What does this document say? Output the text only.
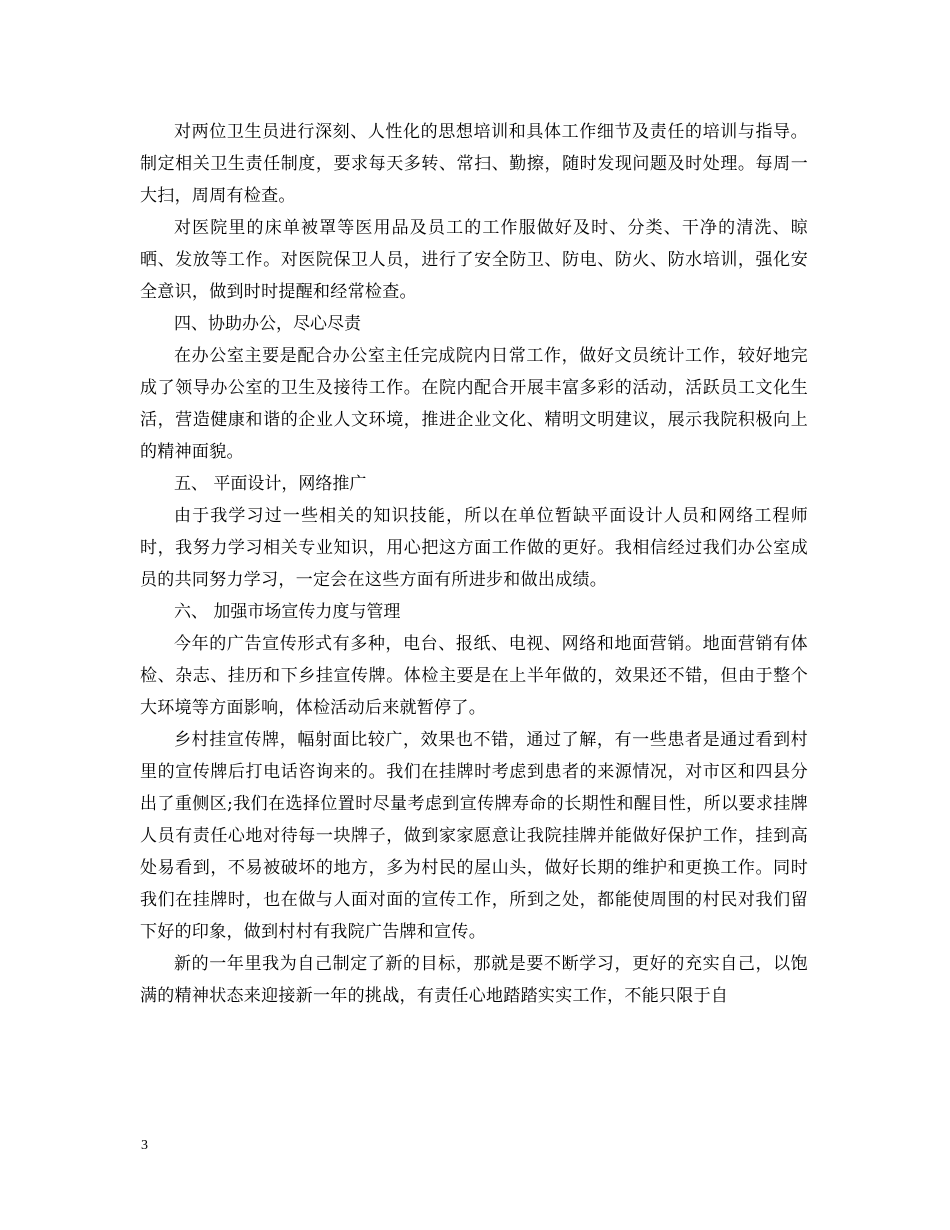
对两位卫生员进行深刻、人性化的思想培训和具体工作细节及责任的培训与指导。制定相关卫生责任制度，要求每天多转、常扫、勤擦，随时发现问题及时处理。每周一大扫，周周有检查。

对医院里的床单被罩等医用品及员工的工作服做好及时、分类、干净的清洗、晾晒、发放等工作。对医院保卫人员，进行了安全防卫、防电、防火、防水培训，强化安全意识，做到时时提醒和经常检查。

四、协助办公，尽心尽责

在办公室主要是配合办公室主任完成院内日常工作，做好文员统计工作，较好地完成了领导办公室的卫生及接待工作。在院内配合开展丰富多彩的活动，活跃员工文化生活，营造健康和谐的企业人文环境，推进企业文化、精明文明建议，展示我院积极向上的精神面貌。

五、 平面设计，网络推广

由于我学习过一些相关的知识技能，所以在单位暂缺平面设计人员和网络工程师时，我努力学习相关专业知识，用心把这方面工作做的更好。我相信经过我们办公室成员的共同努力学习，一定会在这些方面有所进步和做出成绩。

六、 加强市场宣传力度与管理

今年的广告宣传形式有多种，电台、报纸、电视、网络和地面营销。地面营销有体检、杂志、挂历和下乡挂宣传牌。体检主要是在上半年做的，效果还不错，但由于整个大环境等方面影响，体检活动后来就暂停了。

乡村挂宣传牌，幅射面比较广，效果也不错，通过了解，有一些患者是通过看到村里的宣传牌后打电话咨询来的。我们在挂牌时考虑到患者的来源情况，对市区和四县分出了重侧区;我们在选择位置时尽量考虑到宣传牌寿命的长期性和醒目性，所以要求挂牌人员有责任心地对待每一块牌子，做到家家愿意让我院挂牌并能做好保护工作，挂到高处易看到，不易被破坏的地方，多为村民的屋山头，做好长期的维护和更换工作。同时我们在挂牌时，也在做与人面对面的宣传工作，所到之处，都能使周围的村民对我们留下好的印象，做到村村有我院广告牌和宣传。

新的一年里我为自己制定了新的目标，那就是要不断学习，更好的充实自己，以饱满的精神状态来迎接新一年的挑战，有责任心地踏踏实实工作，不能只限于自

3
